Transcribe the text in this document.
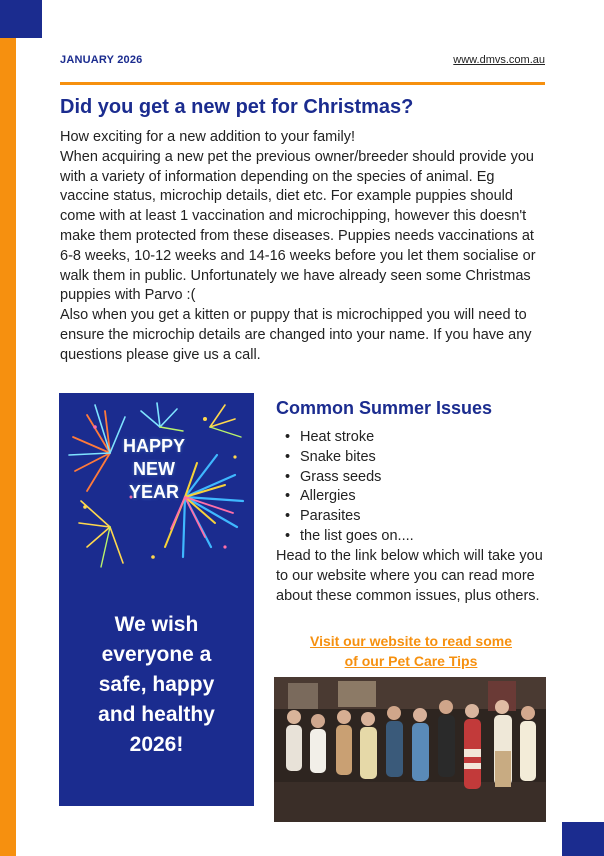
JANUARY 2026	www.dmvs.com.au
Did you get a new pet for Christmas?

How exciting for a new addition to your family!

When acquiring a new pet the previous owner/breeder should provide you with a variety of information depending on the species of animal. Eg vaccine status, microchip details, diet etc. For example puppies should come with at least 1 vaccination and microchipping, however this doesn't make them protected from these diseases. Puppies needs vaccinations at 6-8 weeks, 10-12 weeks and 14-16 weeks before you let them socialise or walk them in public. Unfortunately we have already seen some Christmas puppies with Parvo :(

Also when you get a kitten or puppy that is microchipped you will need to ensure the microchip details are changed into your name. If you have any questions please give us a call.

HAPPY
NEW
YEAR
We wish
everyone a
safe, happy
and healthy
2026!
Common Summer Issues
• Heat stroke
• Snake bites
• Grass seeds
• Allergies
• Parasites
• the list goes on....

Head to the link below which will take you to our website where you can read more about these common issues, plus others.

Visit our website to read some
of our Pet Care Tips
